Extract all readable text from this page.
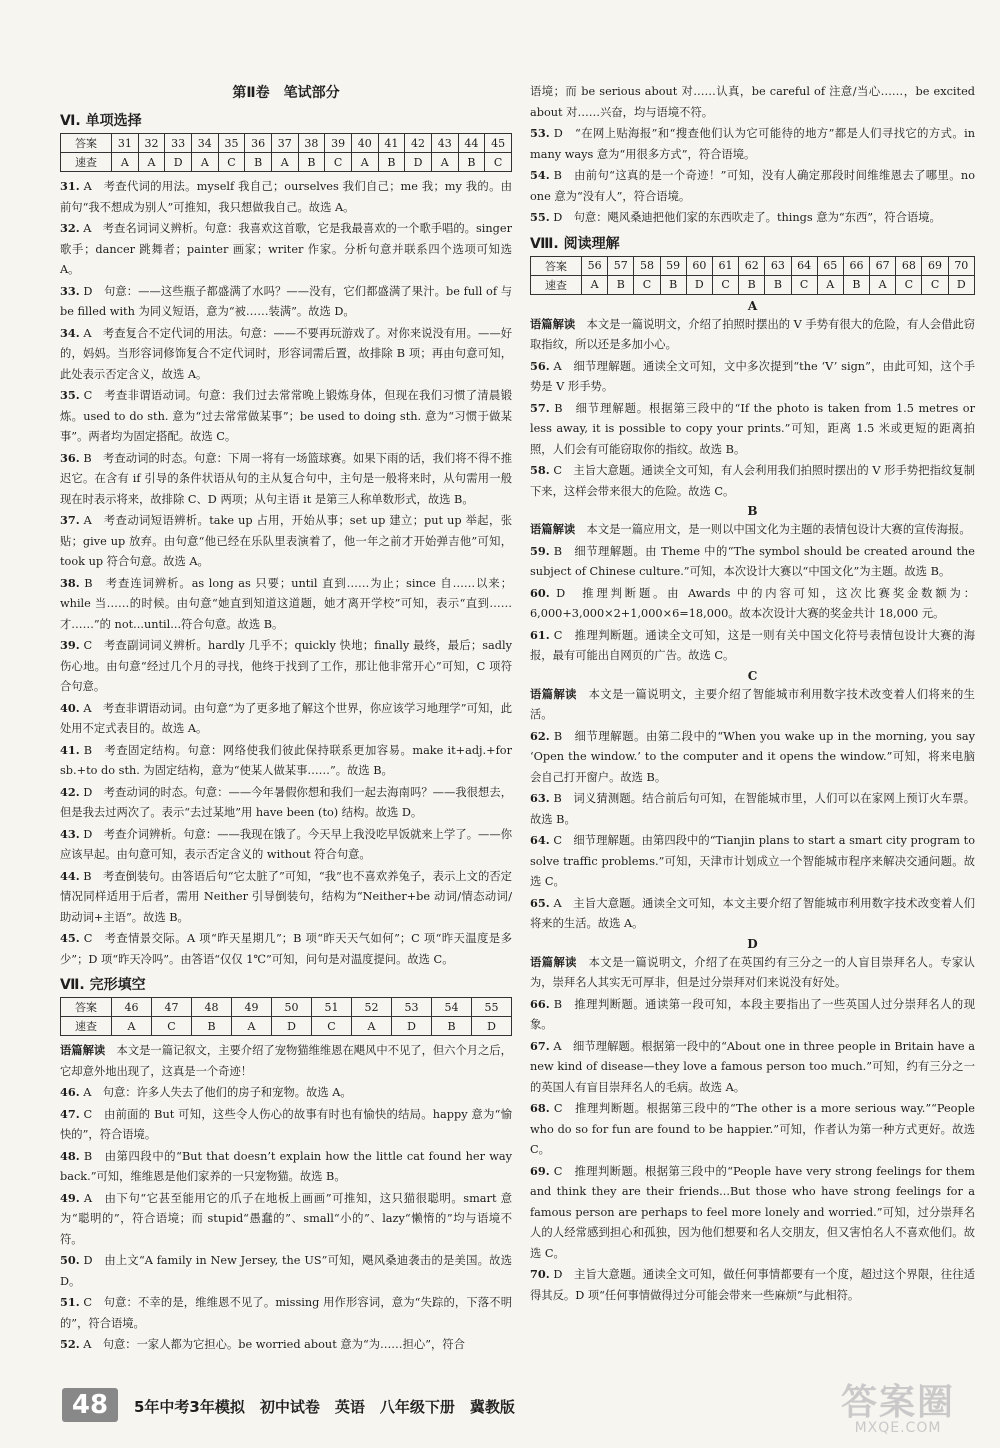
第Ⅱ卷　笔试部分
Ⅵ. 单项选择
答案	31	32	33	34	35	36	37	38	39	40	41	42	43	44	45
速查	A	A	D	A	C	B	A	B	C	A	B	D	A	B	C

31. A　考查代词的用法。myself 我自己；ourselves 我们自己；me 我；my 我的。由前句“我不想成为别人”可推知，我只想做我自己。故选 A。

32. A　考查名词词义辨析。句意：我喜欢这首歌，它是我最喜欢的一个歌手唱的。singer 歌手；dancer 跳舞者；painter 画家；writer 作家。分析句意并联系四个选项可知选 A。

33. D　句意：——这些瓶子都盛满了水吗？——没有，它们都盛满了果汁。be full of 与 be filled with 为同义短语，意为“被……装满”。故选 D。

34. A　考查复合不定代词的用法。句意：——不要再玩游戏了。对你来说没有用。——好的，妈妈。当形容词修饰复合不定代词时，形容词需后置，故排除 B 项；再由句意可知，此处表示否定含义，故选 A。

35. C　考查非谓语动词。句意：我们过去常常晚上锻炼身体，但现在我们习惯了清晨锻炼。used to do sth. 意为“过去常常做某事”；be used to doing sth. 意为“习惯于做某事”。两者均为固定搭配。故选 C。

36. B　考查动词的时态。句意：下周一将有一场篮球赛。如果下雨的话，我们将不得不推迟它。在含有 if 引导的条件状语从句的主从复合句中，主句是一般将来时，从句需用一般现在时表示将来，故排除 C、D 两项；从句主语 it 是第三人称单数形式，故选 B。

37. A　考查动词短语辨析。take up 占用，开始从事；set up 建立；put up 举起，张贴；give up 放弃。由句意“他已经在乐队里表演着了，他一年之前才开始弹吉他”可知，took up 符合句意。故选 A。

38. B　考查连词辨析。as long as 只要；until 直到……为止；since 自……以来；while 当……的时候。由句意“她直到知道这道题，她才离开学校”可知，表示“直到……才……”的 not...until...符合句意。故选 B。

39. C　考查副词词义辨析。hardly 几乎不；quickly 快地；finally 最终，最后；sadly 伤心地。由句意“经过几个月的寻找，他终于找到了工作，那让他非常开心”可知，C 项符合句意。

40. A　考查非谓语动词。由句意“为了更多地了解这个世界，你应该学习地理学”可知，此处用不定式表目的。故选 A。

41. B　考查固定结构。句意：网络使我们彼此保持联系更加容易。make it+adj.+for sb.+to do sth. 为固定结构，意为“使某人做某事……”。故选 B。

42. D　考查动词的时态。句意：——今年暑假你想和我们一起去海南吗？——我很想去，但是我去过两次了。表示“去过某地”用 have been (to) 结构。故选 D。

43. D　考查介词辨析。句意：——我现在饿了。今天早上我没吃早饭就来上学了。——你应该早起。由句意可知，表示否定含义的 without 符合句意。

44. B　考查倒装句。由答语后句“它太脏了”可知，“我”也不喜欢养兔子，表示上文的否定情况同样适用于后者，需用 Neither 引导倒装句，结构为“Neither+be 动词/情态动词/助动词+主语”。故选 B。

45. C　考查情景交际。A 项“昨天星期几”；B 项“昨天天气如何”；C 项“昨天温度是多少”；D 项“昨天冷吗”。由答语“仅仅 1℃”可知，问句是对温度提问。故选 C。

Ⅶ. 完形填空
答案	46	47	48	49	50	51	52	53	54	55
速查	A	C	B	A	D	C	A	D	B	D

语篇解读　 本文是一篇记叙文，主要介绍了宠物猫维维恩在飓风中不见了，但六个月之后，它却意外地出现了，这真是一个奇迹！

46. A　句意：许多人失去了他们的房子和宠物。故选 A。

47. C　由前面的 But 可知，这些令人伤心的故事有时也有愉快的结局。happy 意为“愉快的”，符合语境。

48. B　由第四段中的“But that doesn’t explain how the little cat found her way back.”可知，维维恩是他们家养的一只宠物猫。故选 B。

49. A　由下句“它甚至能用它的爪子在地板上画画”可推知，这只猫很聪明。smart 意为“聪明的”，符合语境；而 stupid“愚蠢的”、small“小的”、lazy“懒惰的”均与语境不符。

50. D　由上文“A family in New Jersey, the US”可知，飓风桑迪袭击的是美国。故选 D。

51. C　句意：不幸的是，维维恩不见了。missing 用作形容词，意为“失踪的，下落不明的”，符合语境。

52. A　句意：一家人都为它担心。be worried about 意为“为……担心”，符合

语境；而 be serious about 对……认真，be careful of 注意/当心……，be excited about 对……兴奋，均与语境不符。

53. D　“在网上贴海报”和“搜查他们认为它可能待的地方”都是人们寻找它的方式。in many ways 意为“用很多方式”，符合语境。

54. B　由前句“这真的是一个奇迹！”可知，没有人确定那段时间维维恩去了哪里。no one 意为“没有人”，符合语境。

55. D　句意：飓风桑迪把他们家的东西吹走了。things 意为“东西”，符合语境。

Ⅷ. 阅读理解
答案	56	57	58	59	60	61	62	63	64	65	66	67	68	69	70
速查	A	B	C	B	D	C	B	B	C	A	B	A	C	C	D
A

语篇解读　 本文是一篇说明文，介绍了拍照时摆出的 V 手势有很大的危险，有人会借此窃取指纹，所以还是多加小心。

56. A　细节理解题。通读全文可知，文中多次提到“the ‘V’ sign”，由此可知，这个手势是 V 形手势。

57. B　细节理解题。根据第三段中的“If the photo is taken from 1.5 metres or less away, it is possible to copy your prints.”可知，距离 1.5 米或更短的距离拍照，人们会有可能窃取你的指纹。故选 B。

58. C　主旨大意题。通读全文可知，有人会利用我们拍照时摆出的 V 形手势把指纹复制下来，这样会带来很大的危险。故选 C。

B

语篇解读　 本文是一篇应用文，是一则以中国文化为主题的表情包设计大赛的宣传海报。

59. B　细节理解题。由 Theme 中的“The symbol should be created around the subject of Chinese culture.”可知，本次设计大赛以“中国文化”为主题。故选 B。

60. D　推理判断题。由 Awards 中的内容可知，这次比赛奖金数额为：6,000+3,000×2+1,000×6=18,000。故本次设计大赛的奖金共计 18,000 元。

61. C　推理判断题。通读全文可知，这是一则有关中国文化符号表情包设计大赛的海报，最有可能出自网页的广告。故选 C。

C

语篇解读　 本文是一篇说明文，主要介绍了智能城市利用数字技术改变着人们将来的生活。

62. B　细节理解题。由第二段中的“When you wake up in the morning, you say ‘Open the window.’ to the computer and it opens the window.”可知，将来电脑会自己打开窗户。故选 B。

63. B　词义猜测题。结合前后句可知，在智能城市里，人们可以在家网上预订火车票。故选 B。

64. C　细节理解题。由第四段中的“Tianjin plans to start a smart city program to solve traffic problems.”可知，天津市计划成立一个智能城市程序来解决交通问题。故选 C。

65. A　主旨大意题。通读全文可知，本文主要介绍了智能城市利用数字技术改变着人们将来的生活。故选 A。

D

语篇解读　 本文是一篇说明文，介绍了在英国约有三分之一的人盲目崇拜名人。专家认为，崇拜名人其实无可厚非，但是过分崇拜对们来说没有好处。

66. B　推理判断题。通读第一段可知，本段主要指出了一些英国人过分崇拜名人的现象。

67. A　细节理解题。根据第一段中的“About one in three people in Britain have a new kind of disease—they love a famous person too much.”可知，约有三分之一的英国人有盲目崇拜名人的毛病。故选 A。

68. C　推理判断题。根据第三段中的“The other is a more serious way.”“People who do so for fun are found to be happier.”可知，作者认为第一种方式更好。故选 C。

69. C　推理判断题。根据第三段中的“People have very strong feelings for them and think they are their friends...But those who have strong feelings for a famous person are perhaps to feel more lonely and worried.”可知，过分崇拜名人的人经常感到担心和孤独，因为他们想要和名人交朋友，但又害怕名人不喜欢他们。故选 C。

70. D　主旨大意题。通读全文可知，做任何事情都要有一个度，超过这个界限，往往适得其反。D 项“任何事情做得过分可能会带来一些麻烦”与此相符。

48	5年中考3年模拟　初中试卷　英语　八年级下册　冀教版	答案圈
MXQE.COM
